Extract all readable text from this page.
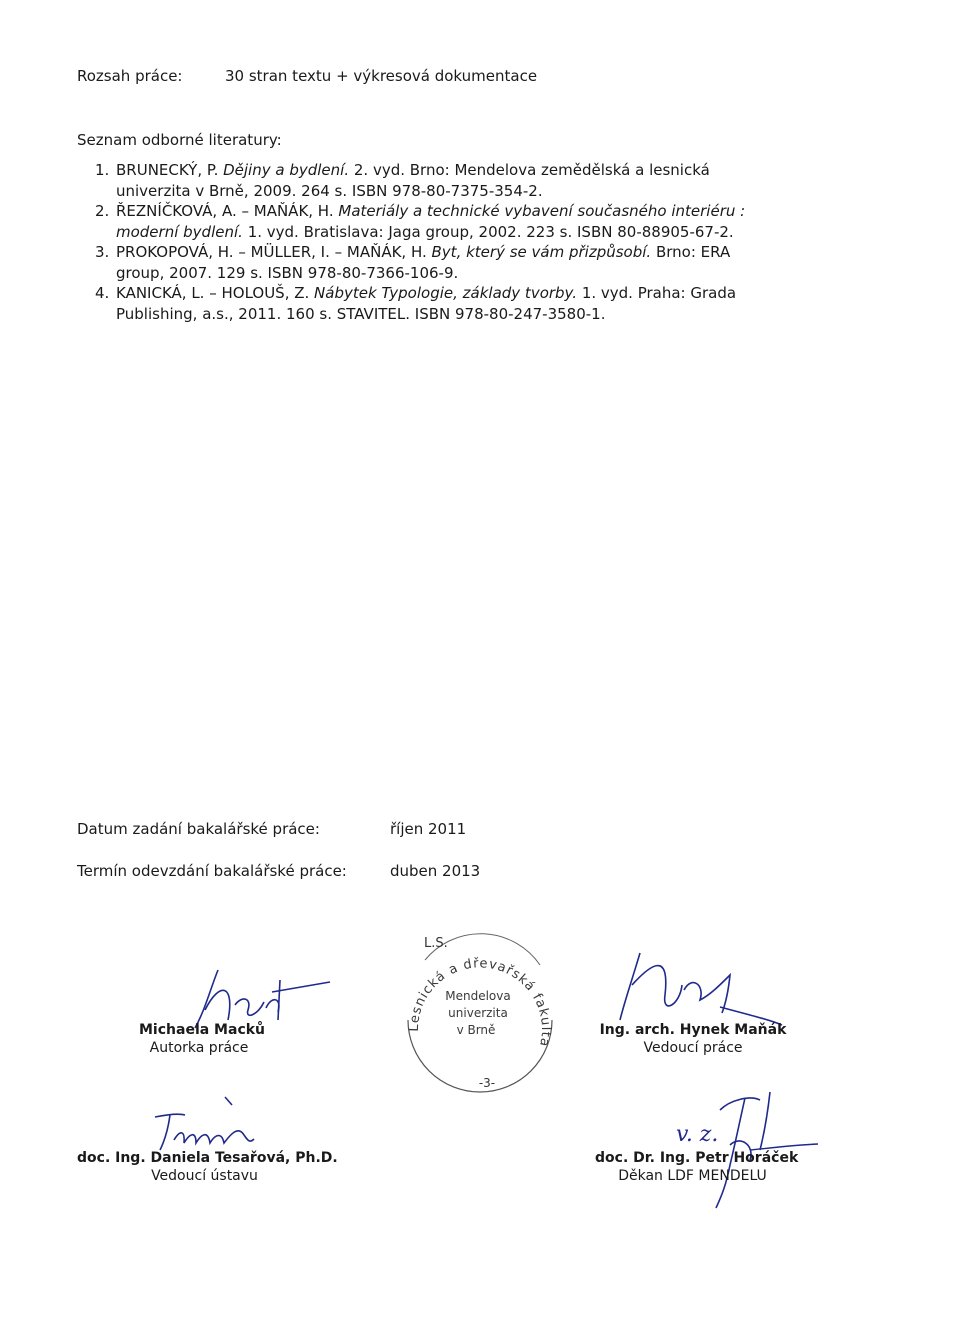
Rozsah práce:	30 stran textu + výkresová dokumentace
Seznam odborné literatury:
1. BRUNECKÝ, P. Dějiny a bydlení. 2. vyd. Brno: Mendelova zemědělská a lesnická univerzita v Brně, 2009. 264 s. ISBN 978-80-7375-354-2.
2. ŘEZNÍČKOVÁ, A. – MAŇÁK, H. Materiály a technické vybavení současného interiéru : moderní bydlení. 1. vyd. Bratislava: Jaga group, 2002. 223 s. ISBN 80-88905-67-2.
3. PROKOPOVÁ, H. – MÜLLER, I. – MAŇÁK, H. Byt, který se vám přizpůsobí. Brno: ERA group, 2007. 129 s. ISBN 978-80-7366-106-9.
4. KANICKÁ, L. – HOLOUŠ, Z. Nábytek Typologie, základy tvorby. 1. vyd. Praha: Grada Publishing, a.s., 2011. 160 s. STAVITEL. ISBN 978-80-247-3580-1.
Datum zadání bakalářské práce:	říjen 2011
Termín odevzdání bakalářské práce:	duben 2013
Lesnická a dřevařská fakulta
L.S.
Mendelova
univerzita
v Brně
-3-
Michaela Macků
Autorka práce
Ing. arch. Hynek Maňák
Vedoucí práce
doc. Ing. Daniela Tesařová, Ph.D.
Vedoucí ústavu
v. z.
doc. Dr. Ing. Petr Horáček
Děkan LDF MENDELU
